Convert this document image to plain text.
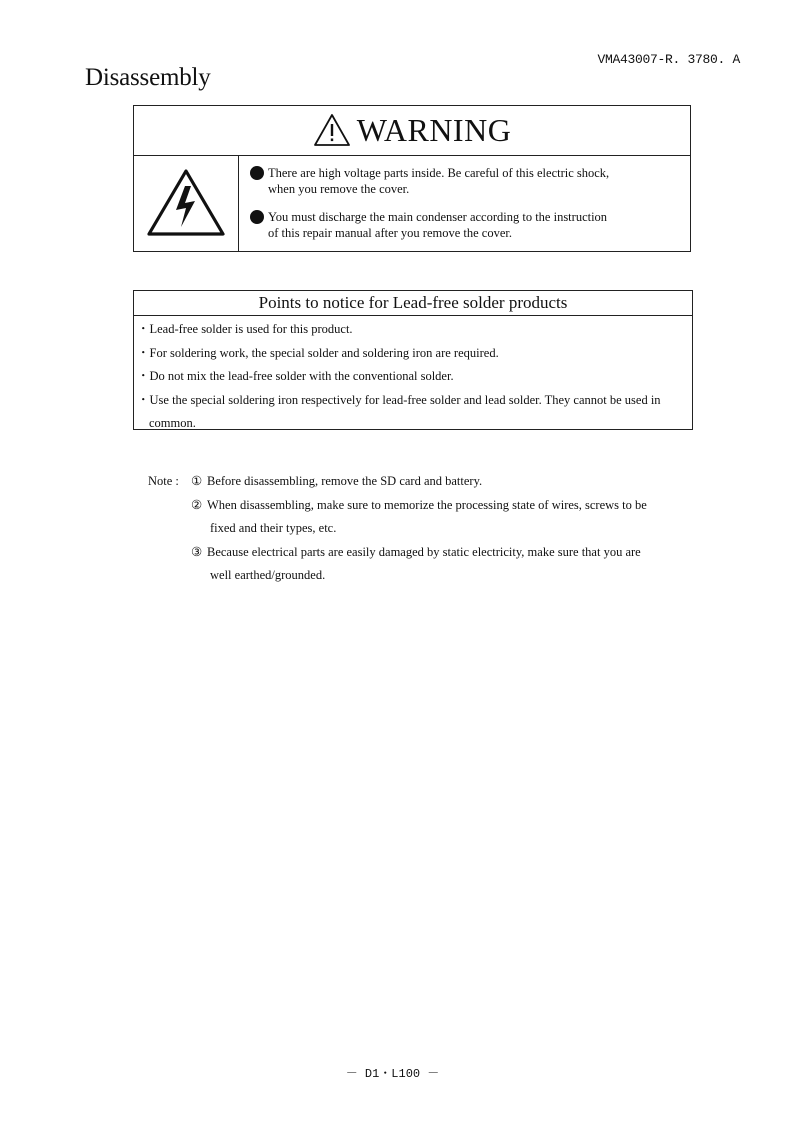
VMA43007-R. 3780. A
Disassembly
WARNING
There are high voltage parts inside. Be careful of this electric shock,
when you remove the cover.
You must discharge the main condenser according to the instruction
of this repair manual after you remove the cover.
Points to notice for Lead-free solder products
・Lead-free solder is used for this product.
・For soldering work, the special solder and soldering iron are required.
・Do not mix the lead-free solder with the conventional solder.
・Use the special soldering iron respectively for lead-free solder and lead solder. They cannot be used in
common.
Note : ① Before disassembling, remove the SD card and battery.
② When disassembling, make sure to memorize the processing state of wires, screws to be
fixed and their types, etc.
③ Because electrical parts are easily damaged by static electricity, make sure that you are
well earthed/grounded.
－ D1・L100 －
